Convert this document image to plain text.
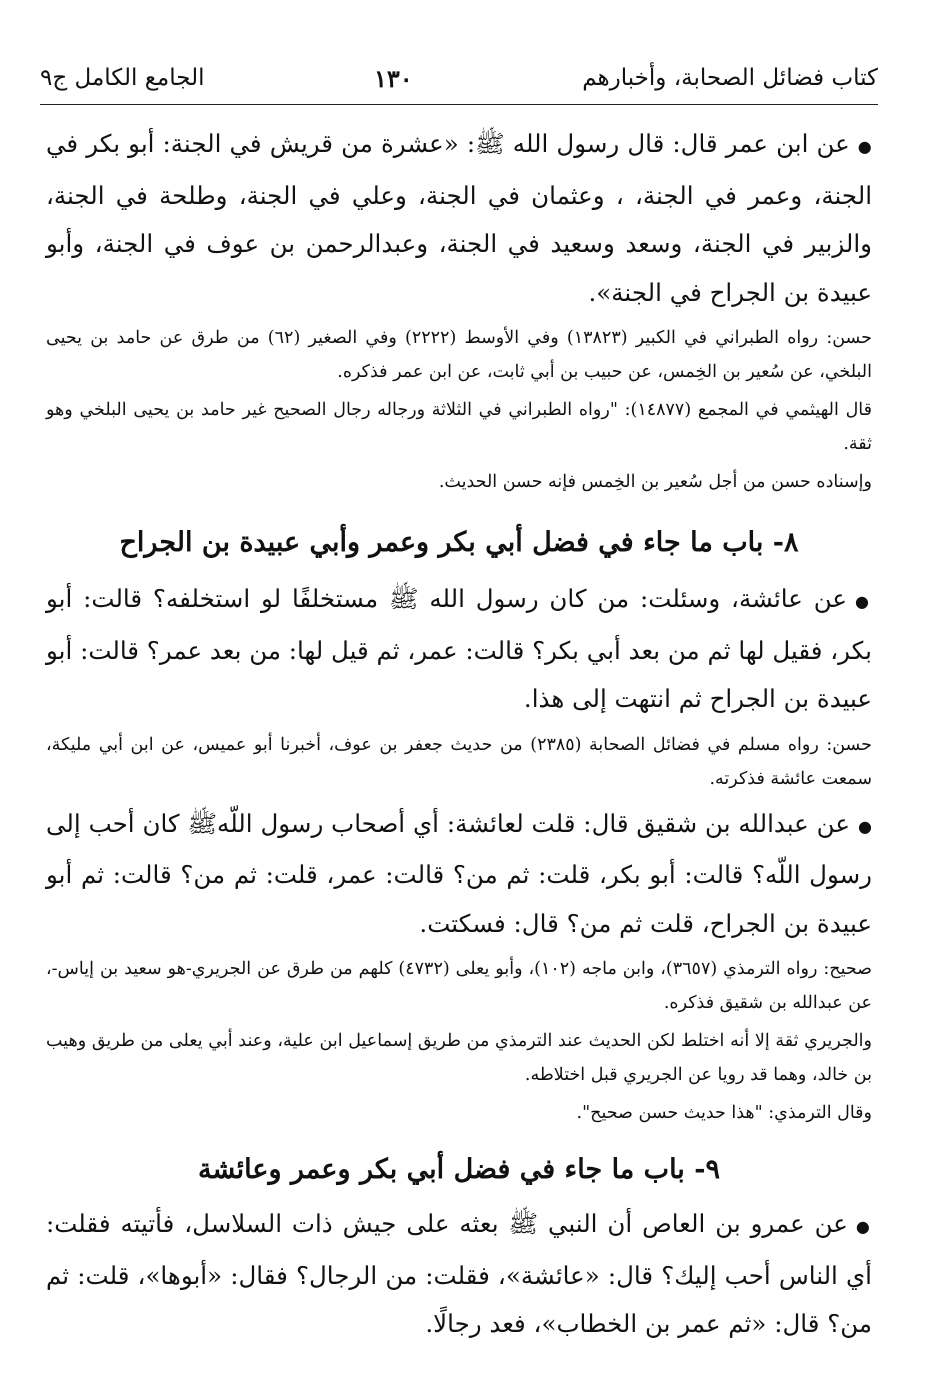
كتاب فضائل الصحابة، وأخبارهم
١٣٠
الجامع الكامل ج٩

●عن ابن عمر قال: قال رسول الله ﷺ: «عشرة من قريش في الجنة: أبو بكر في الجنة، وعمر في الجنة، ، وعثمان في الجنة، وعلي في الجنة، وطلحة في الجنة، والزبير في الجنة، وسعد وسعيد في الجنة، وعبدالرحمن بن عوف في الجنة، وأبو عبيدة بن الجراح في الجنة».

حسن: رواه الطبراني في الكبير (١٣٨٢٣) وفي الأوسط (٢٢٢٢) وفي الصغير (٦٢) من طرق عن حامد بن يحيى البلخي، عن سُعير بن الخِمس، عن حبيب بن أبي ثابت، عن ابن عمر فذكره.

قال الهيثمي في المجمع (١٤٨٧٧): "رواه الطبراني في الثلاثة ورجاله رجال الصحيح غير حامد بن يحيى البلخي وهو ثقة.

وإسناده حسن من أجل سُعير بن الخِمس فإنه حسن الحديث.

٨- باب ما جاء في فضل أبي بكر وعمر وأبي عبيدة بن الجراح

●عن عائشة، وسئلت: من كان رسول الله ﷺ مستخلفًا لو استخلفه؟ قالت: أبو بكر، فقيل لها ثم من بعد أبي بكر؟ قالت: عمر، ثم قيل لها: من بعد عمر؟ قالت: أبو عبيدة بن الجراح ثم انتهت إلى هذا.

حسن: رواه مسلم في فضائل الصحابة (٢٣٨٥) من حديث جعفر بن عوف، أخبرنا أبو عميس، عن ابن أبي مليكة، سمعت عائشة فذكرته.

●عن عبدالله بن شقيق قال: قلت لعائشة: أي أصحاب رسول اللّهﷺ كان أحب إلى رسول اللّه؟ قالت: أبو بكر، قلت: ثم من؟ قالت: عمر، قلت: ثم من؟ قالت: ثم أبو عبيدة بن الجراح، قلت ثم من؟ قال: فسكتت.

صحيح: رواه الترمذي (٣٦٥٧)، وابن ماجه (١٠٢)، وأبو يعلى (٤٧٣٢) كلهم من طرق عن الجريري-هو سعيد بن إياس-، عن عبدالله بن شقيق فذكره.

والجريري ثقة إلا أنه اختلط لكن الحديث عند الترمذي من طريق إسماعيل ابن علية، وعند أبي يعلى من طريق وهيب بن خالد، وهما قد رويا عن الجريري قبل اختلاطه.

وقال الترمذي: "هذا حديث حسن صحيح".

٩- باب ما جاء في فضل أبي بكر وعمر وعائشة

●عن عمرو بن العاص أن النبي ﷺ بعثه على جيش ذات السلاسل، فأتيته فقلت: أي الناس أحب إليك؟ قال: «عائشة»، فقلت: من الرجال؟ فقال: «أبوها»، قلت: ثم من؟ قال: «ثم عمر بن الخطاب»، فعد رجالًا.
